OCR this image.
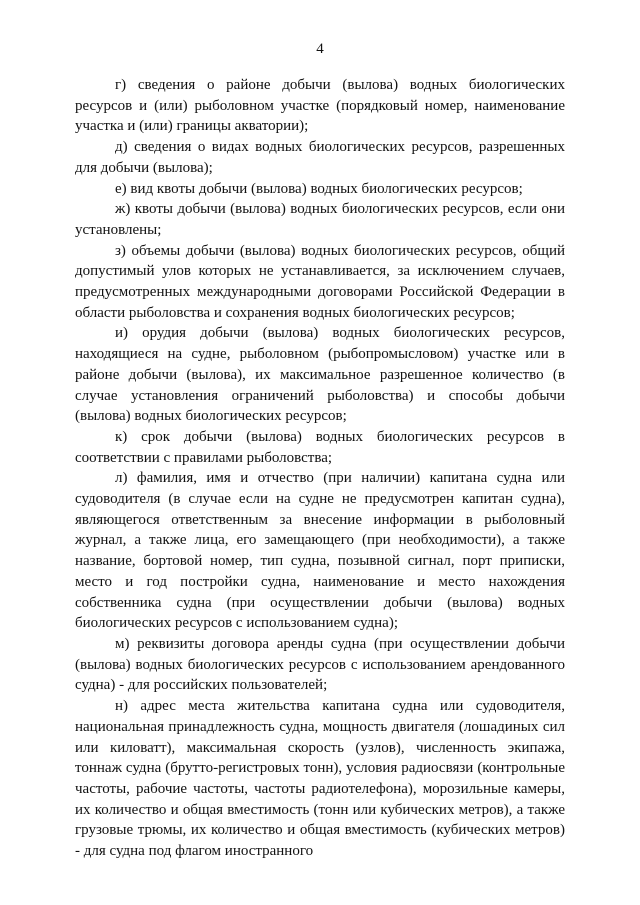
4

г) сведения о районе добычи (вылова) водных биологических ресурсов и (или) рыболовном участке (порядковый номер, наименование участка и (или) границы акватории);

д) сведения о видах водных биологических ресурсов, разрешенных для добычи (вылова);

е) вид квоты добычи (вылова) водных биологических ресурсов;

ж) квоты добычи (вылова) водных биологических ресурсов, если они установлены;

з) объемы добычи (вылова) водных биологических ресурсов, общий допустимый улов которых не устанавливается, за исключением случаев, предусмотренных международными договорами Российской Федерации в области рыболовства и сохранения водных биологических ресурсов;

и) орудия добычи (вылова) водных биологических ресурсов, находящиеся на судне, рыболовном (рыбопромысловом) участке или в районе добычи (вылова), их максимальное разрешенное количество (в случае установления ограничений рыболовства) и способы добычи (вылова) водных биологических ресурсов;

к) срок добычи (вылова) водных биологических ресурсов в соответствии с правилами рыболовства;

л) фамилия, имя и отчество (при наличии) капитана судна или судоводителя (в случае если на судне не предусмотрен капитан судна), являющегося ответственным за внесение информации в рыболовный журнал, а также лица, его замещающего (при необходимости), а также название, бортовой номер, тип судна, позывной сигнал, порт приписки, место и год постройки судна, наименование и место нахождения собственника судна (при осуществлении добычи (вылова) водных биологических ресурсов с использованием судна);

м) реквизиты договора аренды судна (при осуществлении добычи (вылова) водных биологических ресурсов с использованием арендованного судна) - для российских пользователей;

н) адрес места жительства капитана судна или судоводителя, национальная принадлежность судна, мощность двигателя (лошадиных сил или киловатт), максимальная скорость (узлов), численность экипажа, тоннаж судна (брутто-регистровых тонн), условия радиосвязи (контрольные частоты, рабочие частоты, частоты радиотелефона), морозильные камеры, их количество и общая вместимость (тонн или кубических метров), а также грузовые трюмы, их количество и общая вместимость (кубических метров) - для судна под флагом иностранного
